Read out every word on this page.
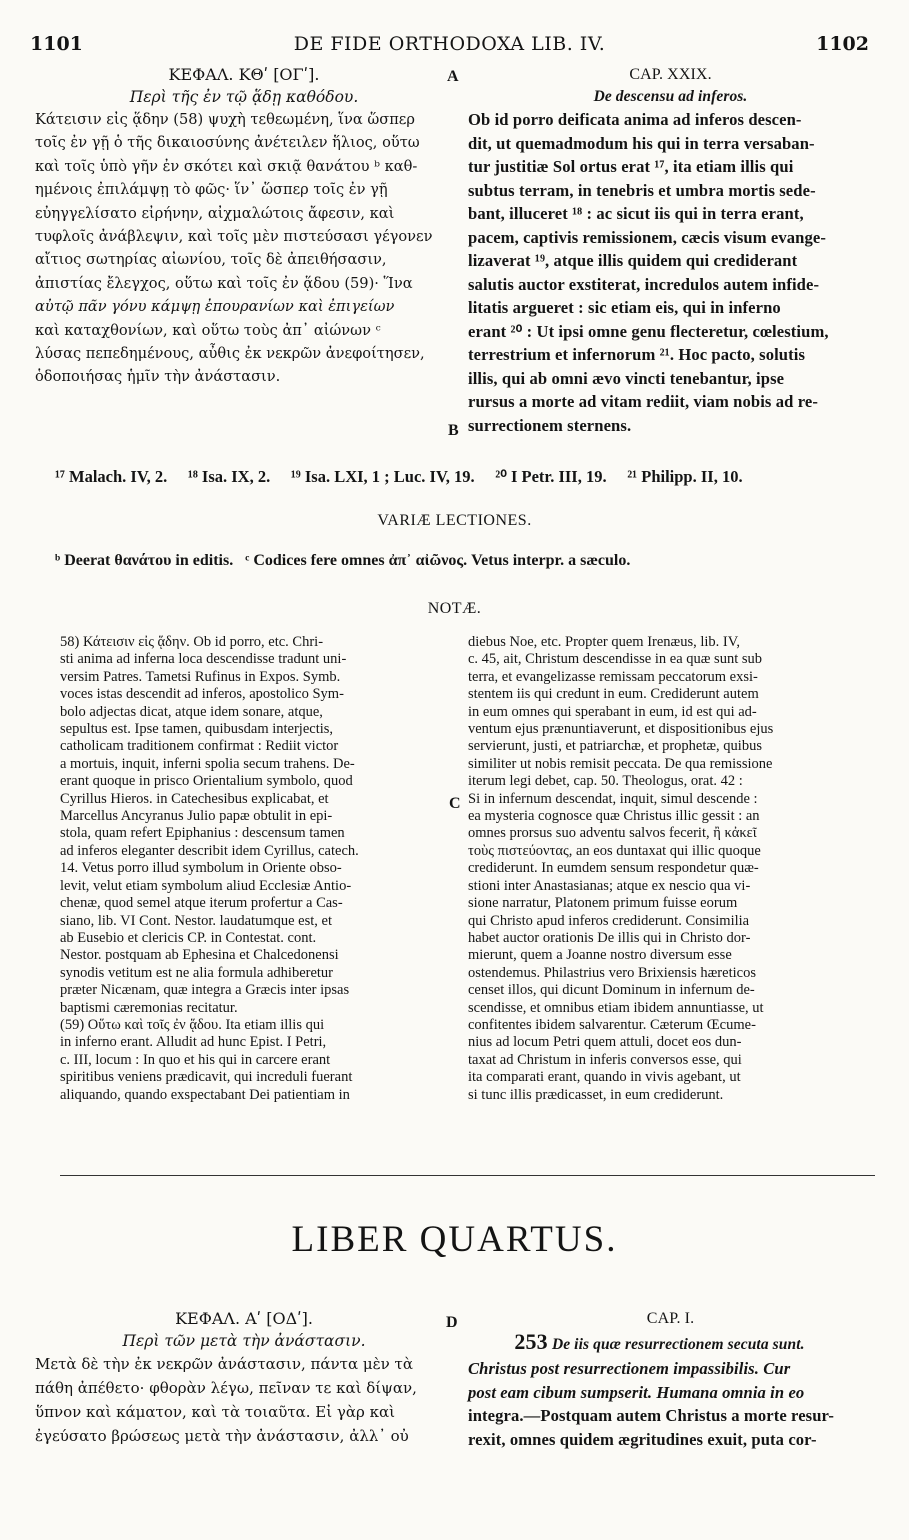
DE FIDE ORTHODOXA LIB. IV.
1101	1102
ΚΕΦΑΛ. ΚΘʹ [ΟΓʹ].
Περὶ τῆς ἐν τῷ ᾅδῃ καθόδου.
Κάτεισιν εἰς ᾅδην (58) ψυχὴ τεθεωμένη, ἵνα ὥσπερ
τοῖς ἐν γῇ ὁ τῆς δικαιοσύνης ἀνέτειλεν ἥλιος, οὕτω
καὶ τοῖς ὑπὸ γῆν ἐν σκότει καὶ σκιᾷ θανάτου ᵇ καθ-
ημένοις ἐπιλάμψῃ τὸ φῶς· ἵν᾽ ὥσπερ τοῖς ἐν γῇ
εὐηγγελίσατο εἰρήνην, αἰχμαλώτοις ἄφεσιν, καὶ
τυφλοῖς ἀνάβλεψιν, καὶ τοῖς μὲν πιστεύσασι γέγονεν
αἴτιος σωτηρίας αἰωνίου, τοῖς δὲ ἀπειθήσασιν,
ἀπιστίας ἔλεγχος, οὕτω καὶ τοῖς ἐν ᾅδου (59)· Ἵνα
αὐτῷ πᾶν γόνυ κάμψῃ ἐπουρανίων καὶ ἐπιγείων
καὶ καταχθονίων, καὶ οὕτω τοὺς ἀπ᾽ αἰώνων ᶜ
λύσας πεπεδημένους, αὖθις ἐκ νεκρῶν ἀνεφοίτησεν,
ὁδοποιήσας ἡμῖν τὴν ἀνάστασιν.
A
B
CAP. XXIX.
De descensu ad inferos.
Ob id porro deificata anima ad inferos descen-
dit, ut quemadmodum his qui in terra versaban-
tur justitiæ Sol ortus erat ¹⁷, ita etiam illis qui
subtus terram, in tenebris et umbra mortis sede-
bant, illuceret ¹⁸ : ac sicut iis qui in terra erant,
pacem, captivis remissionem, cæcis visum evange-
lizaverat ¹⁹, atque illis quidem qui crediderant
salutis auctor exstiterat, incredulos autem infide-
litatis argueret : sic etiam eis, qui in inferno
erant ²⁰ : Ut ipsi omne genu flecteretur, cœlestium,
terrestrium et infernorum ²¹. Hoc pacto, solutis
illis, qui ab omni ævo vincti tenebantur, ipse
rursus a morte ad vitam rediit, viam nobis ad re-
surrectionem sternens.
¹⁷ Malach. IV, 2. ¹⁸ Isa. IX, 2. ¹⁹ Isa. LXI, 1 ; Luc. IV, 19. ²⁰ I Petr. III, 19. ²¹ Philipp. II, 10.
VARIÆ LECTIONES.
ᵇ Deerat θανάτου in editis. ᶜ Codices fere omnes ἀπ᾽ αἰῶνος. Vetus interpr. a sæculo.
NOTÆ.
58) Κάτεισιν εἰς ᾅδην. Ob id porro, etc. Chri-
sti anima ad inferna loca descendisse tradunt uni-
versim Patres. Tametsi Rufinus in Expos. Symb.
voces istas descendit ad inferos, apostolico Sym-
bolo adjectas dicat, atque idem sonare, atque,
sepultus est. Ipse tamen, quibusdam interjectis,
catholicam traditionem confirmat : Rediit victor
a mortuis, inquit, inferni spolia secum trahens. De-
erant quoque in prisco Orientalium symbolo, quod
Cyrillus Hieros. in Catechesibus explicabat, et
Marcellus Ancyranus Julio papæ obtulit in epi-
stola, quam refert Epiphanius : descensum tamen
ad inferos eleganter describit idem Cyrillus, catech.
14. Vetus porro illud symbolum in Oriente obso-
levit, velut etiam symbolum aliud Ecclesiæ Antio-
chenæ, quod semel atque iterum profertur a Cas-
siano, lib. VI Cont. Nestor. laudatumque est, et
ab Eusebio et clericis CP. in Contestat. cont.
Nestor. postquam ab Ephesina et Chalcedonensi
synodis vetitum est ne alia formula adhiberetur
præter Nicænam, quæ integra a Græcis inter ipsas
baptismi cæremonias recitatur.
(59) Οὕτω καὶ τοῖς ἐν ᾅδου. Ita etiam illis qui
in inferno erant. Alludit ad hunc Epist. I Petri,
c. III, locum : In quo et his qui in carcere erant
spiritibus veniens prædicavit, qui increduli fuerant
aliquando, quando exspectabant Dei patientiam in
C
diebus Noe, etc. Propter quem Irenæus, lib. IV,
c. 45, ait, Christum descendisse in ea quæ sunt sub
terra, et evangelizasse remissam peccatorum exsi-
stentem iis qui credunt in eum. Crediderunt autem
in eum omnes qui sperabant in eum, id est qui ad-
ventum ejus prænuntiaverunt, et dispositionibus ejus
servierunt, justi, et patriarchæ, et prophetæ, quibus
similiter ut nobis remisit peccata. De qua remissione
iterum legi debet, cap. 50. Theologus, orat. 42 :
Si in infernum descendat, inquit, simul descende :
ea mysteria cognosce quæ Christus illic gessit : an
omnes prorsus suo adventu salvos fecerit, ἢ κἀκεῖ
τοὺς πιστεύοντας, an eos duntaxat qui illic quoque
crediderunt. In eumdem sensum respondetur quæ-
stioni inter Anastasianas; atque ex nescio qua vi-
sione narratur, Platonem primum fuisse eorum
qui Christo apud inferos crediderunt. Consimilia
habet auctor orationis De illis qui in Christo dor-
mierunt, quem a Joanne nostro diversum esse
ostendemus. Philastrius vero Brixiensis hæreticos
censet illos, qui dicunt Dominum in infernum de-
scendisse, et omnibus etiam ibidem annuntiasse, ut
confitentes ibidem salvarentur. Cæterum Œcume-
nius ad locum Petri quem attuli, docet eos dun-
taxat ad Christum in inferis conversos esse, qui
ita comparati erant, quando in vivis agebant, ut
si tunc illis prædicasset, in eum crediderunt.
LIBER QUARTUS.
ΚΕΦΑΛ. Αʹ [ΟΔʹ].
Περὶ τῶν μετὰ τὴν ἀνάστασιν.
Μετὰ δὲ τὴν ἐκ νεκρῶν ἀνάστασιν, πάντα μὲν τὰ
πάθη ἀπέθετο· φθορὰν λέγω, πεῖναν τε καὶ δίψαν,
ὕπνον καὶ κάματον, καὶ τὰ τοιαῦτα. Εἰ γὰρ καὶ
ἐγεύσατο βρώσεως μετὰ τὴν ἀνάστασιν, ἀλλ᾽ οὐ
D	CAP. I.
253 De iis quæ resurrectionem secuta sunt.
Christus post resurrectionem impassibilis. Cur
post eam cibum sumpserit. Humana omnia in eo
integra.—Postquam autem Christus a morte resur-
rexit, omnes quidem ægritudines exuit, puta cor-
